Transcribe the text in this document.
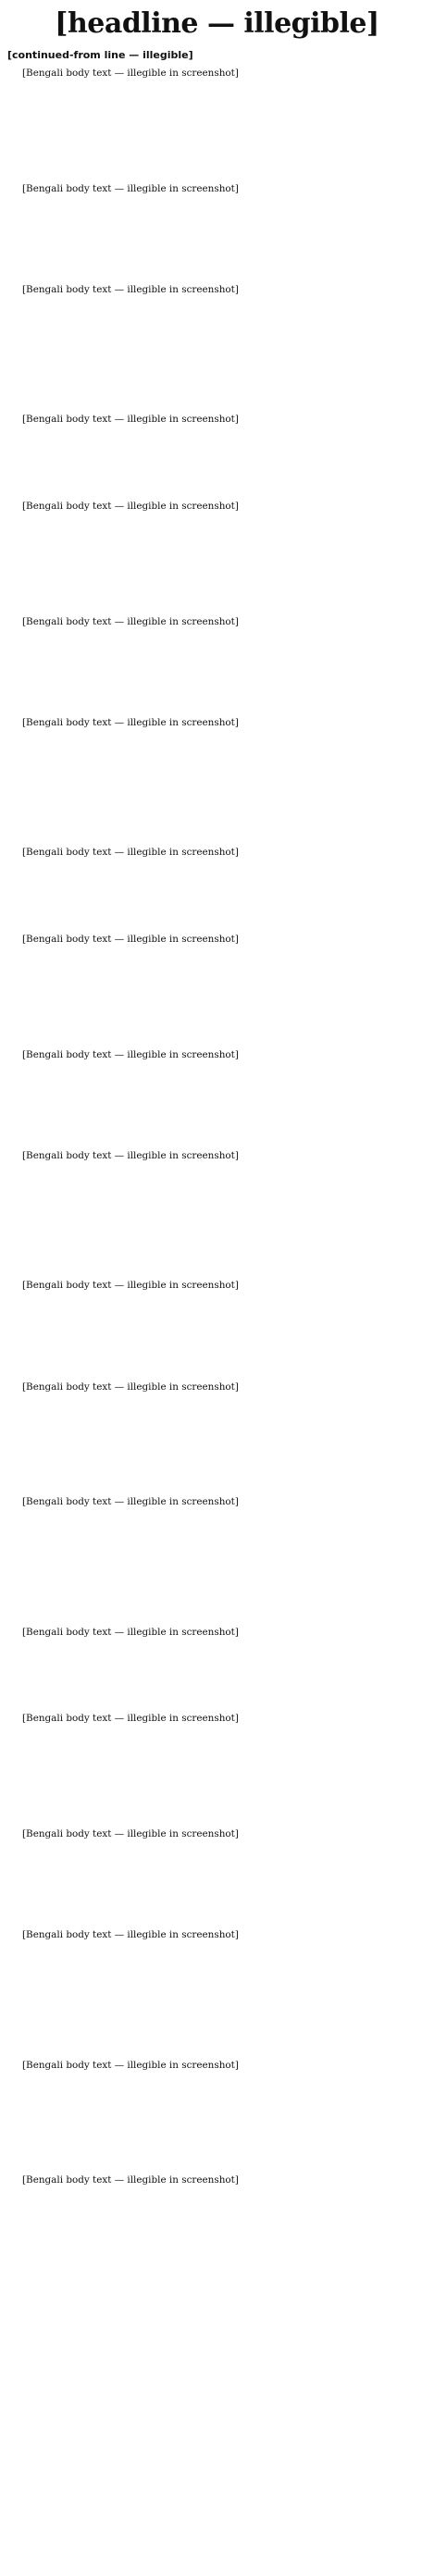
[headline — illegible]
[continued-from line — illegible]

[Bengali body text — illegible in screenshot]

[Bengali body text — illegible in screenshot]

[Bengali body text — illegible in screenshot]

[Bengali body text — illegible in screenshot]

[Bengali body text — illegible in screenshot]

[Bengali body text — illegible in screenshot]

[Bengali body text — illegible in screenshot]

[Bengali body text — illegible in screenshot]

[Bengali body text — illegible in screenshot]

[Bengali body text — illegible in screenshot]

[Bengali body text — illegible in screenshot]

[Bengali body text — illegible in screenshot]

[Bengali body text — illegible in screenshot]

[Bengali body text — illegible in screenshot]

[Bengali body text — illegible in screenshot]

[Bengali body text — illegible in screenshot]

[Bengali body text — illegible in screenshot]

[Bengali body text — illegible in screenshot]

[Bengali body text — illegible in screenshot]

[Bengali body text — illegible in screenshot]
